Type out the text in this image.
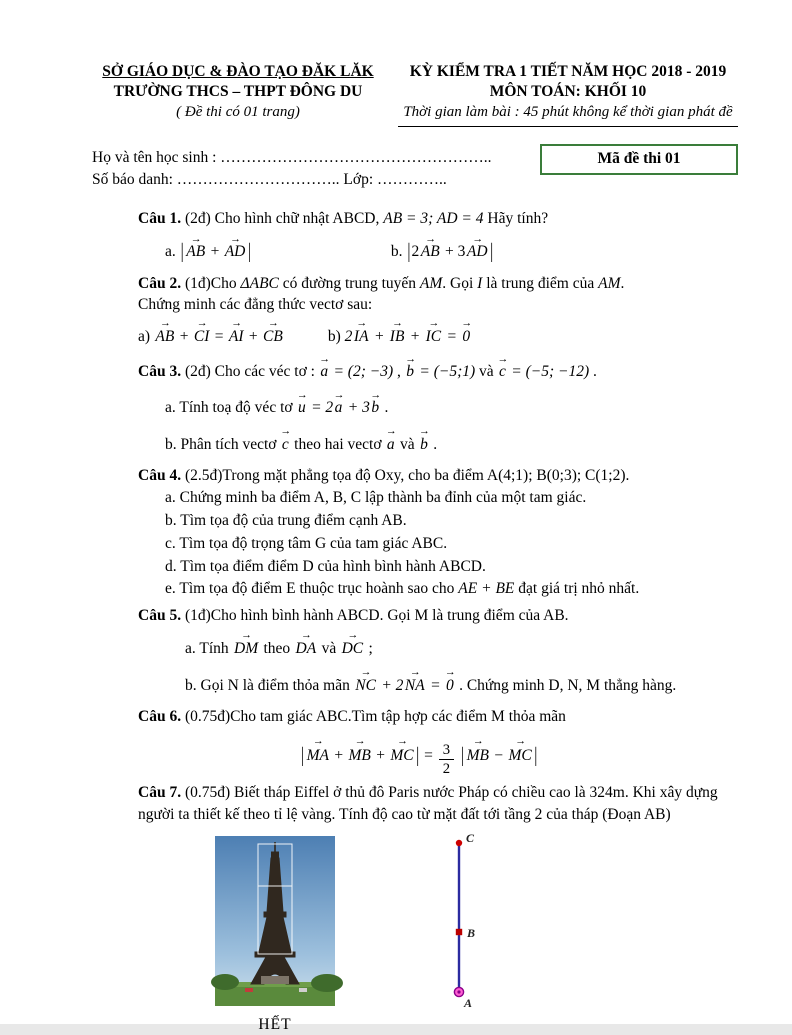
SỞ GIÁO DỤC & ĐÀO TẠO ĐĂK LĂK
TRƯỜNG THCS – THPT ĐÔNG DU
( Đề thi có 01 trang)
KỲ KIỂM TRA 1 TIẾT NĂM HỌC 2018 - 2019
MÔN TOÁN: KHỐI 10
Thời gian làm bài : 45 phút không kể thời gian phát đề
Họ và tên học sinh : ……………………………………………..
Số báo danh: ………………………….. Lớp: …………..
Mã đề thi 01
Câu 1. (2đ) Cho hình chữ nhật ABCD, AB = 3; AD = 4 Hãy tính?
a. | → AB + → AD |	b. |2→ AB + 3→ AD |
Câu 2. (1đ)Cho ΔABC có đường trung tuyến AM. Gọi I là trung điểm của AM.
Chứng minh các đẳng thức vectơ sau:
a) → AB + → CI = → AI + → CB	b) 2→ IA + → IB + → IC = → 0
Câu 3. (2đ) Cho các véc tơ : → a = (2; −3) , → b = (−5;1) và → c = (−5; −12) .
a. Tính toạ độ véc tơ → u = 2→ a + 3→ b .
b. Phân tích vectơ → c theo hai vectơ → a và → b .
Câu 4. (2.5đ)Trong mặt phẳng tọa độ Oxy, cho ba điểm A(4;1); B(0;3); C(1;2).
a. Chứng minh ba điểm A, B, C lập thành ba đỉnh của một tam giác.
b. Tìm tọa độ của trung điểm cạnh AB.
c. Tìm tọa độ trọng tâm G của tam giác ABC.
d. Tìm tọa điểm điểm D của hình bình hành ABCD.
e. Tìm tọa độ điểm E thuộc trục hoành sao cho AE + BE đạt giá trị nhỏ nhất.
Câu 5. (1đ)Cho hình bình hành ABCD. Gọi M là trung điểm của AB.
a. Tính → DM theo → DA và → DC ;
b. Gọi N là điểm thỏa mãn → NC + 2→ NA = → 0 . Chứng minh D, N, M thẳng hàng.
Câu 6. (0.75đ)Cho tam giác ABC.Tìm tập hợp các điểm M thỏa mãn
| → MA + → MB + → MC | = $\frac{3}{2}$ | → MB − → MC |
Câu 7. (0.75đ) Biết tháp Eiffel ở thủ đô Paris nước Pháp có chiều cao là 324m. Khi xây dựng người ta thiết kế theo tỉ lệ vàng. Tính độ cao từ mặt đất tới tầng 2 của tháp (Đoạn AB)
HẾT
C
B
A
